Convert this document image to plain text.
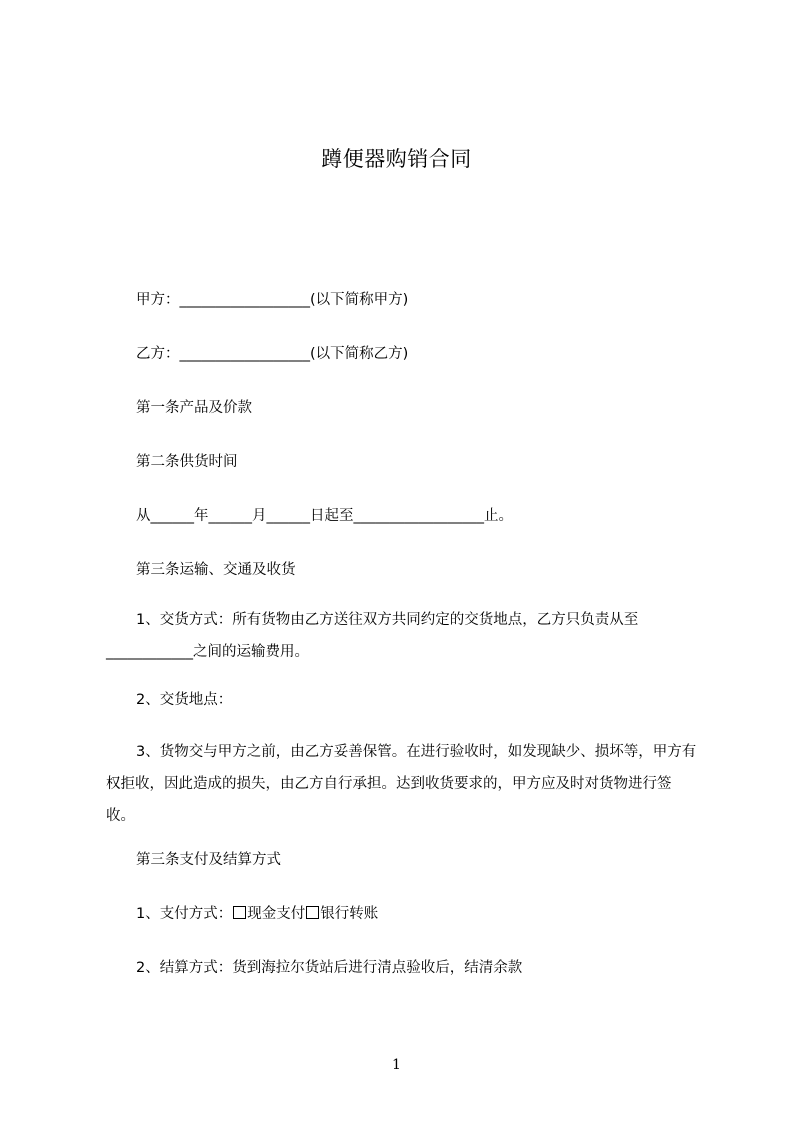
蹲便器购销合同
甲方：__________________(以下简称甲方)
乙方：__________________(以下简称乙方)
第一条产品及价款
第二条供货时间
从______年______月______日起至__________________止。
第三条运输、交通及收货
1、交货方式：所有货物由乙方送往双方共同约定的交货地点，乙方只负责从至____________之间的运输费用。
2、交货地点：
3、货物交与甲方之前，由乙方妥善保管。在进行验收时，如发现缺少、损坏等，甲方有权拒收，因此造成的损失，由乙方自行承担。达到收货要求的，甲方应及时对货物进行签收。
第三条支付及结算方式
1、支付方式： 现金支付 银行转账
2、结算方式：货到海拉尔货站后进行清点验收后，结清余款
1
